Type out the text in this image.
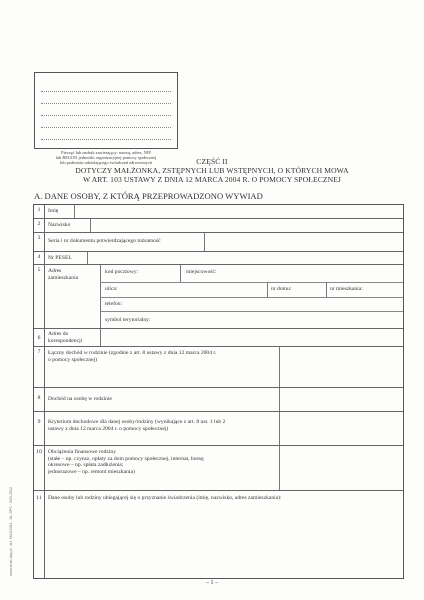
Pieczęć lub nadruk zawierający: nazwę, adres, NIP
lub REGON jednostki organizacyjnej pomocy społecznej
lub podmiotu udzielającego świadczeń zdrowotnych	CZĘŚĆ II
DOTYCZY MAŁŻONKA, ZSTĘPNYCH LUB WSTĘPNYCH, O KTÓRYCH MOWA
W ART. 103 USTAWY Z DNIA 12 MARCA 2004 R. O POMOCY SPOŁECZNEJ
A. DANE OSOBY, Z KTÓRĄ PRZEPROWADZONO WYWIAD
1	Imię
2	Nazwisko
3	Seria i nr dokumentu potwierdzającego tożsamość
4	Nr PESEL
5	Adres
zamieszkania
kod pocztowy:	miejscowość:
ulica:	nr domu:	nr mieszkania:
telefon:
symbol terytorialny:
6
Adres do
korespondencji
7	Łączny dochód w rodzinie (zgodnie z art. 8 ustawy z dnia 12 marca 2004 r.
o pomocy społecznej)
8	Dochód na osobę w rodzinie
9	Kryterium dochodowe dla danej osoby/rodziny (wynikające z art. 8 ust. 1 lub 2
ustawy z dnia 12 marca 2004 r. o pomocy społecznej)
10	Obciążenia finansowe rodziny
(stałe – np. czynsz, opłaty za dom pomocy społecznej, internat, bursę;
okresowe – np. spłata zadłużenia;
jednorazowe – np. remont mieszkania)
11	Dane osoby lub rodziny ubiegającej się o przyznanie świadczenia (imię, nazwisko, adres zamieszkania):
www.druki-dag.pl · art. 5618/2011 · DL-SPS · 3/03-2012
– 1 –
